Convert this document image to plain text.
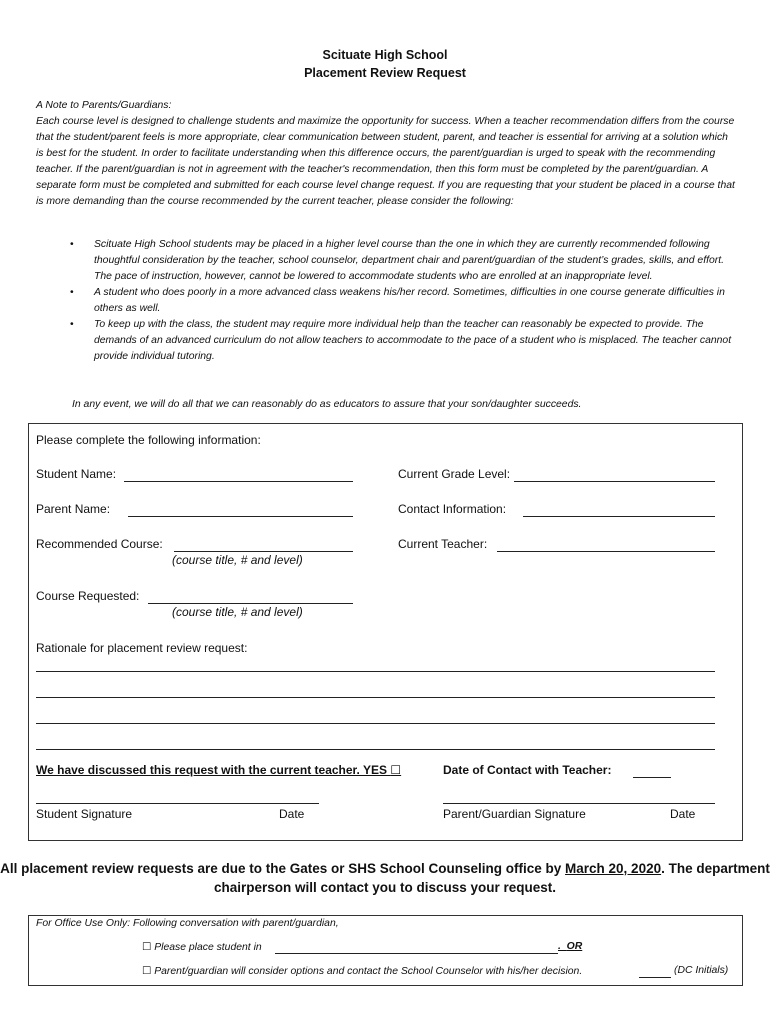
Scituate High School
Placement Review Request

A Note to Parents/Guardians:

Each course level is designed to challenge students and maximize the opportunity for success. When a teacher recommendation differs from the course that the student/parent feels is more appropriate, clear communication between student, parent, and teacher is essential for arriving at a solution which is best for the student. In order to facilitate understanding when this difference occurs, the parent/guardian is urged to speak with the recommending teacher. If the parent/guardian is not in agreement with the teacher's recommendation, then this form must be completed by the parent/guardian. A separate form must be completed and submitted for each course level change request. If you are requesting that your student be placed in a course that is more demanding than the course recommended by the current teacher, please consider the following:

• Scituate High School students may be placed in a higher level course than the one in which they are currently recommended following thoughtful consideration by the teacher, school counselor, department chair and parent/guardian of the student’s grades, skills, and effort. The pace of instruction, however, cannot be lowered to accommodate students who are enrolled at an inappropriate level.
• A student who does poorly in a more advanced class weakens his/her record. Sometimes, difficulties in one course generate difficulties in others as well.
• To keep up with the class, the student may require more individual help than the teacher can reasonably be expected to provide. The demands of an advanced curriculum do not allow teachers to accommodate to the pace of a student who is misplaced. The teacher cannot provide individual tutoring.
In any event, we will do all that we can reasonably do as educators to assure that your son/daughter succeeds.
Please complete the following information:
Student Name:	Current Grade Level:
Parent Name:	Contact Information:
Recommended Course:	Current Teacher:
(course title, # and level)
Course Requested:
(course title, # and level)
Rationale for placement review request:
We have discussed this request with the current teacher. YES ☐	Date of Contact with Teacher:
Student Signature	Date	Parent/Guardian Signature	Date
All placement review requests are due to the Gates or SHS School Counseling office by March 20, 2020. The department chairperson will contact you to discuss your request.
For Office Use Only: Following conversation with parent/guardian,
☐ Please place student in	.  OR
☐ Parent/guardian will consider options and contact the School Counselor with his/her decision.	(DC Initials)
